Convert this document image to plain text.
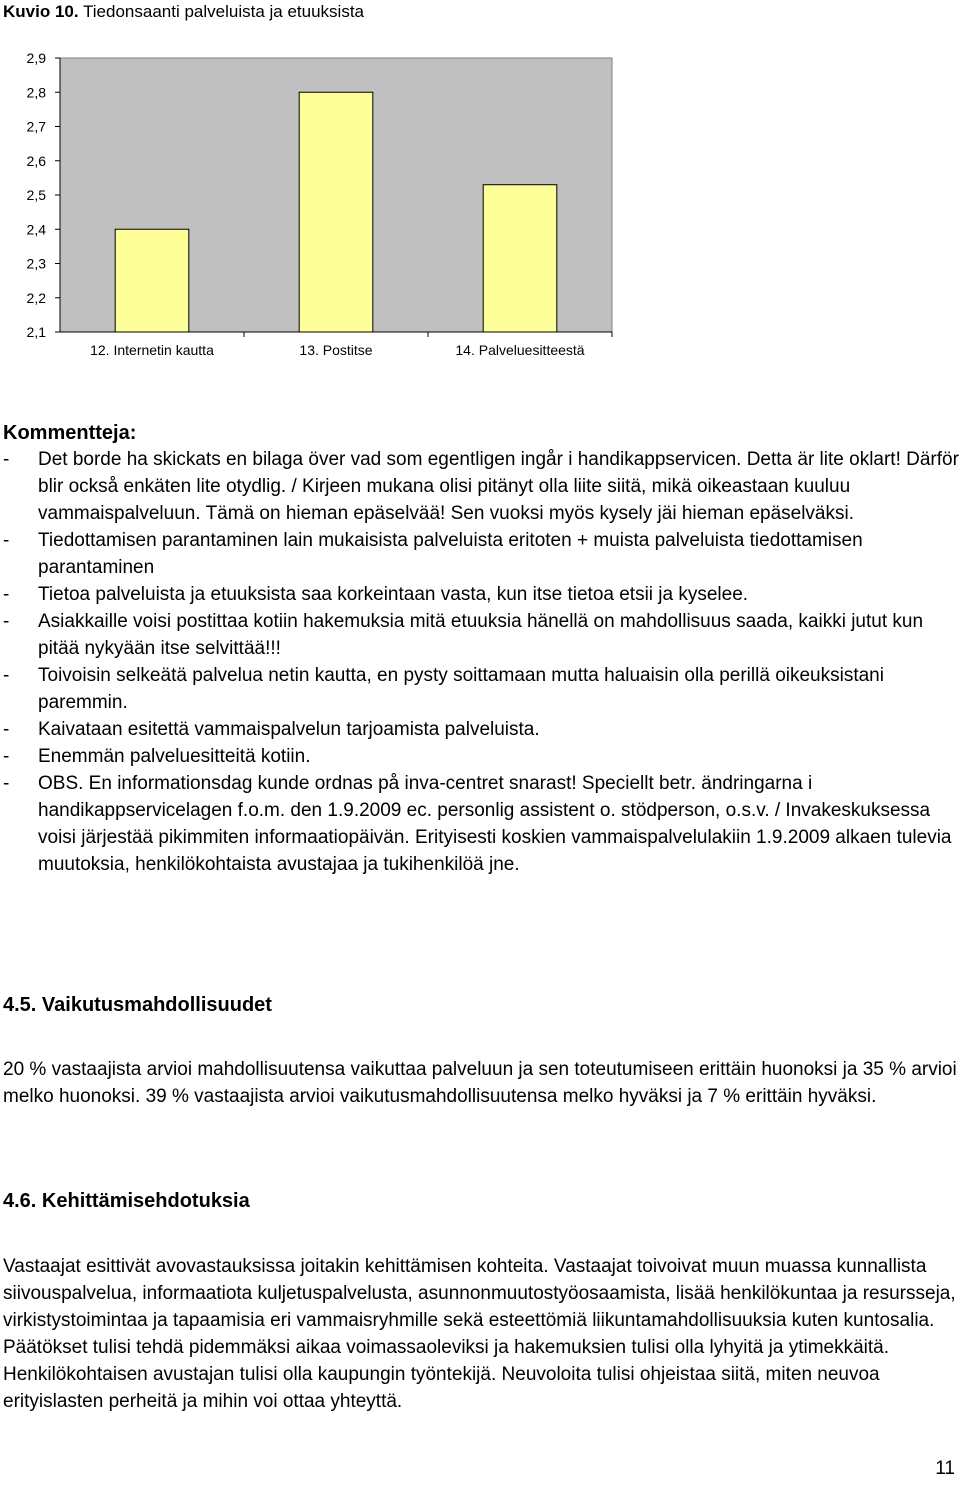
Kuvio 10. Tiedonsaanti palveluista ja etuuksista
2,9
2,8
2,7
2,6
2,5
2,4
2,3
2,2
2,1
12. Internetin kautta	13. Postitse	14. Palveluesitteestä
Kommentteja:
-	Det borde ha skickats en bilaga över vad som egentligen ingår i handikappservicen. Detta är lite oklart! Därför blir också enkäten lite otydlig. / Kirjeen mukana olisi pitänyt olla liite siitä, mikä oikeastaan kuuluu vammaispalveluun. Tämä on hieman epäselvää! Sen vuoksi myös kysely jäi hieman epäselväksi.
-	Tiedottamisen parantaminen lain mukaisista palveluista eritoten + muista palveluista tiedottamisen parantaminen
-	Tietoa palveluista ja etuuksista saa korkeintaan vasta, kun itse tietoa etsii ja kyselee.
-	Asiakkaille voisi postittaa kotiin hakemuksia mitä etuuksia hänellä on mahdollisuus saada, kaikki jutut kun pitää nykyään itse selvittää!!!
-	Toivoisin selkeätä palvelua netin kautta, en pysty soittamaan mutta haluaisin olla perillä oikeuksistani paremmin.
-	Kaivataan esitettä vammaispalvelun tarjoamista palveluista.
-	Enemmän palveluesitteitä kotiin.
-	OBS. En informationsdag kunde ordnas på inva-centret snarast! Speciellt betr. ändringarna i handikappservicelagen f.o.m. den 1.9.2009 ec. personlig assistent o. stödperson, o.s.v. / Invakeskuksessa voisi järjestää pikimmiten informaatiopäivän. Erityisesti koskien vammaispalvelulakiin 1.9.2009 alkaen tulevia muutoksia, henkilökohtaista avustajaa ja tukihenkilöä jne.
4.5. Vaikutusmahdollisuudet

20 % vastaajista arvioi mahdollisuutensa vaikuttaa palveluun ja sen toteutumiseen erittäin huonoksi ja 35 % arvioi melko huonoksi. 39 % vastaajista arvioi vaikutusmahdollisuutensa melko hyväksi ja 7 % erittäin hyväksi.

4.6. Kehittämisehdotuksia

Vastaajat esittivät avovastauksissa joitakin kehittämisen kohteita. Vastaajat toivoivat muun muassa kunnallista siivouspalvelua, informaatiota kuljetuspalvelusta, asunnonmuutostyöosaamista, lisää henkilökuntaa ja resursseja, virkistystoimintaa ja tapaamisia eri vammaisryhmille sekä esteettömiä liikuntamahdollisuuksia kuten kuntosalia. Päätökset tulisi tehdä pidemmäksi aikaa voimassaoleviksi ja hakemuksien tulisi olla lyhyitä ja ytimekkäitä. Henkilökohtaisen avustajan tulisi olla kaupungin työntekijä. Neuvoloita tulisi ohjeistaa siitä, miten neuvoa erityislasten perheitä ja mihin voi ottaa yhteyttä.

11
